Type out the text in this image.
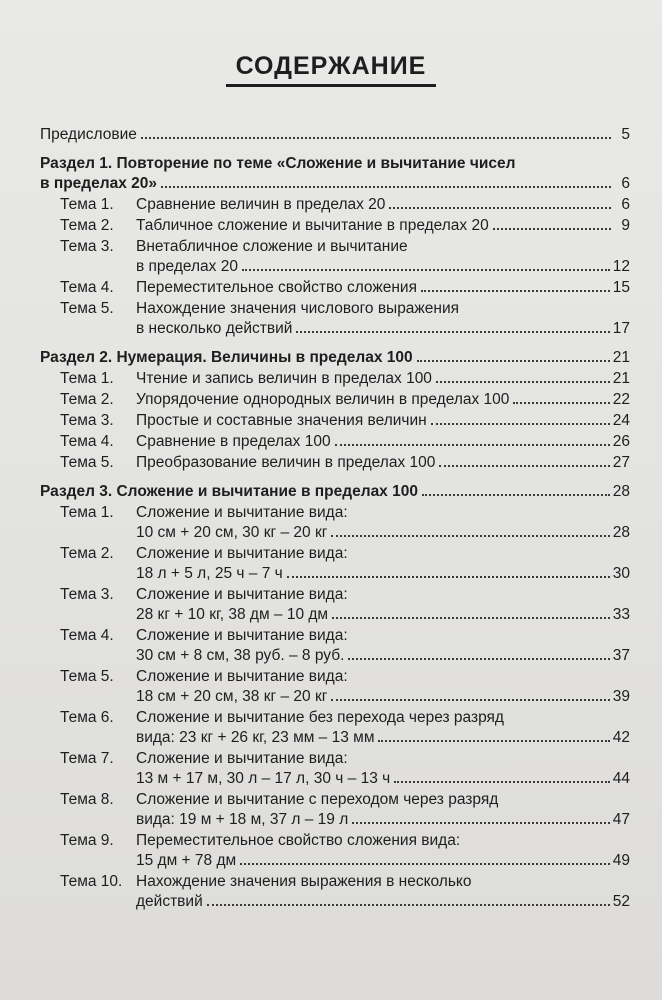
СОДЕРЖАНИЕ
Предисловие	5
Раздел 1. Повторение по теме «Сложение и вычитание чисел
в пределах 20»	6
Тема 1.	Сравнение величин в пределах 20	6
Тема 2.	Табличное сложение и вычитание в пределах 20	9
Тема 3.	Внетабличное сложение и вычитание
в пределах 20	12
Тема 4.	Переместительное свойство сложения	15
Тема 5.	Нахождение значения числового выражения
в несколько действий	17
Раздел 2. Нумерация. Величины в пределах 100	21
Тема 1.	Чтение и запись величин в пределах 100	21
Тема 2.	Упорядочение однородных величин в пределах 100	22
Тема 3.	Простые и составные значения величин	24
Тема 4.	Сравнение в пределах 100	26
Тема 5.	Преобразование величин в пределах 100	27
Раздел 3. Сложение и вычитание в пределах 100	28
Тема 1.	Сложение и вычитание вида:
10 см + 20 см, 30 кг – 20 кг	28
Тема 2.	Сложение и вычитание вида:
18 л + 5 л, 25 ч – 7 ч	30
Тема 3.	Сложение и вычитание вида:
28 кг + 10 кг, 38 дм – 10 дм	33
Тема 4.	Сложение и вычитание вида:
30 см + 8 см, 38 руб. – 8 руб.	37
Тема 5.	Сложение и вычитание вида:
18 см + 20 см, 38 кг – 20 кг	39
Тема 6.	Сложение и вычитание без перехода через разряд
вида: 23 кг + 26 кг, 23 мм – 13 мм	42
Тема 7.	Сложение и вычитание вида:
13 м + 17 м, 30 л – 17 л, 30 ч – 13 ч	44
Тема 8.	Сложение и вычитание с переходом через разряд
вида: 19 м + 18 м, 37 л – 19 л	47
Тема 9.	Переместительное свойство сложения вида:
15 дм + 78 дм	49
Тема 10. Нахождение значения выражения в несколько
действий	52
